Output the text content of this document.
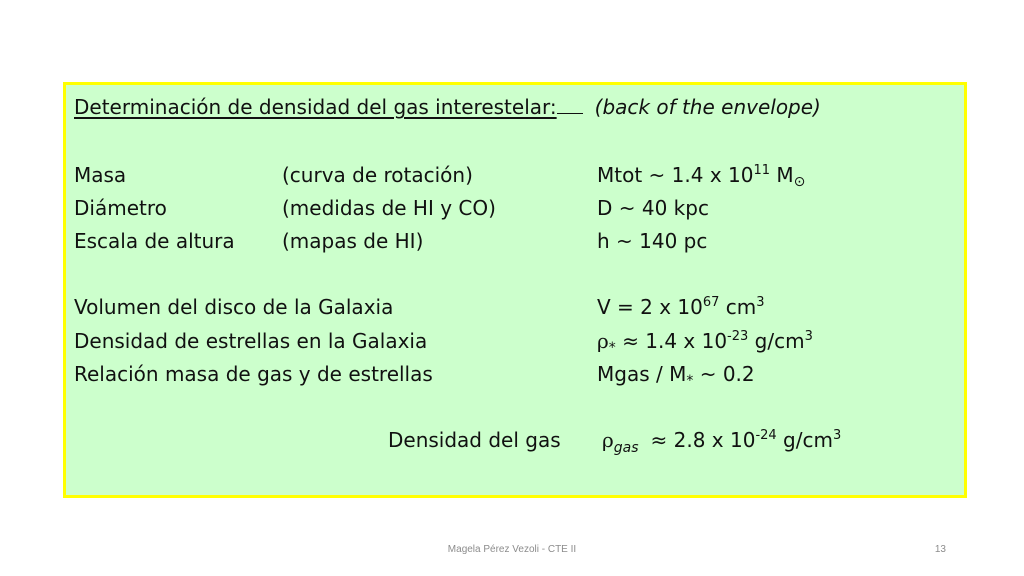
Determinación de densidad del gas interestelar: (back of the envelope)
Masa	(curva de rotación)	Mtot ~ 1.4 x $10^{11}$ $M_⊙$
Diámetro	(medidas de HI y CO)	D ~ 40 kpc
Escala de altura (mapas de HI)	h ~ 140 pc
Volumen del disco de la Galaxia	V = 2 x $10^{67}$ $cm^3$
Densidad de estrellas en la Galaxia	$\rho_* \approx 1.4$ x $10^{-23}$ $g/cm^3$
Relación masa de gas y de estrellas	Mgas / $M_*$ ~ 0.2
Densidad del gas $\rho_{gas} \approx 2.8$ x $10^{-24}$ $g/cm^3$
Magela Pérez Vezoli - CTE II	13
